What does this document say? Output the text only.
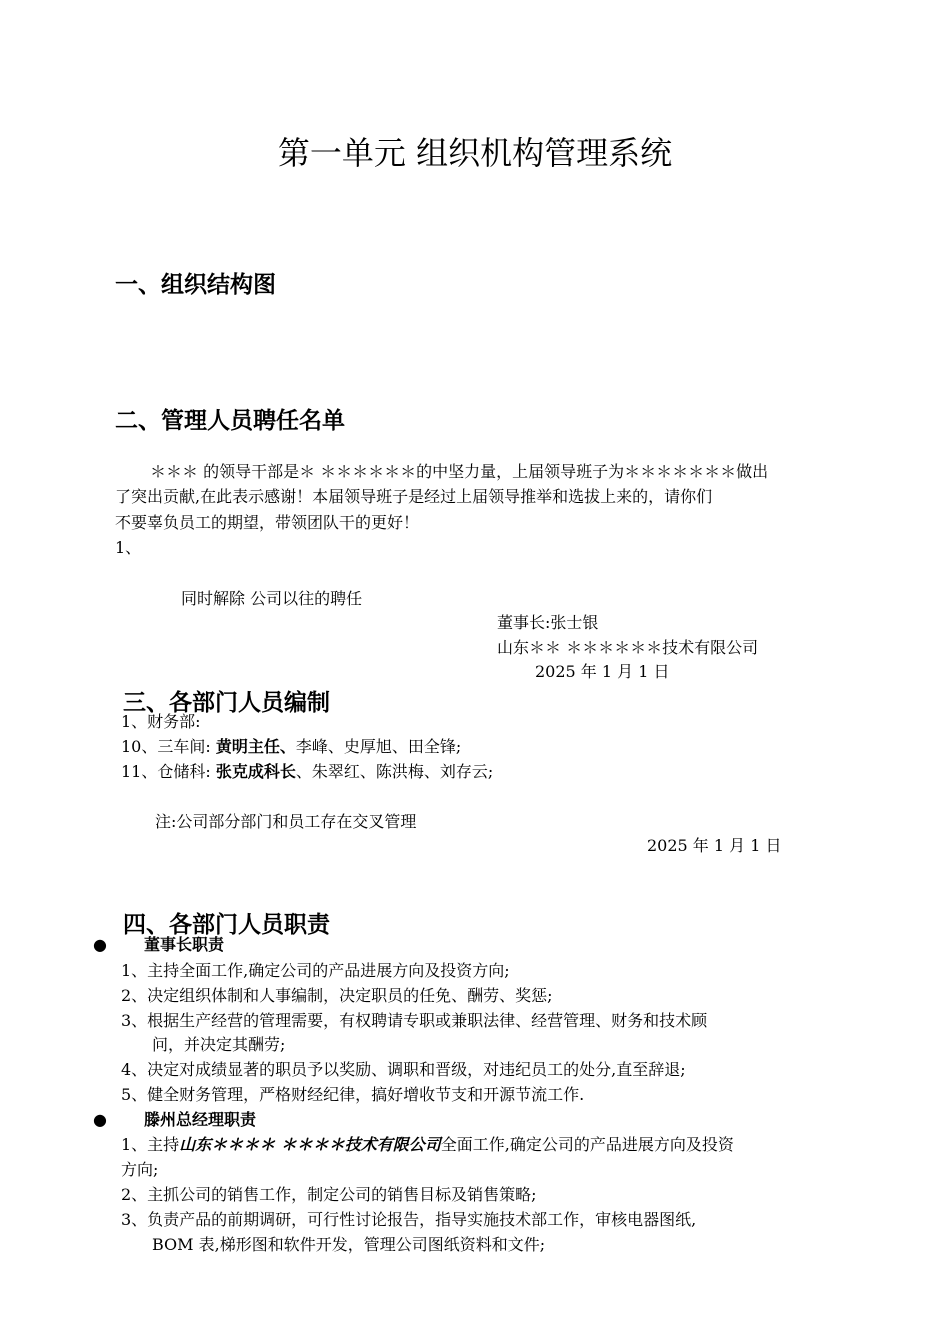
第一单元 组织机构管理系统
一、组织结构图
二、管理人员聘任名单
＊＊＊ 的领导干部是＊ ＊＊＊＊＊＊的中坚力量，上届领导班子为＊＊＊＊＊＊＊做出
了突出贡献,在此表示感谢！本届领导班子是经过上届领导推举和选拔上来的，请你们
不要辜负员工的期望，带领团队干的更好！
1、
同时解除 公司以往的聘任
董事长:张士银
山东＊＊ ＊＊＊＊＊＊技术有限公司
2025 年 1 月 1 日
三、各部门人员编制
1、财务部:
10、三车间: 黄明主任、李峰、史厚旭、田全锋;
11、仓储科: 张克成科长、朱翠红、陈洪梅、刘存云;
注:公司部分部门和员工存在交叉管理
2025 年 1 月 1 日
四、各部门人员职责
● 董事长职责
1、主持全面工作,确定公司的产品进展方向及投资方向;
2、决定组织体制和人事编制，决定职员的任免、酬劳、奖惩;
3、根据生产经营的管理需要，有权聘请专职或兼职法律、经营管理、财务和技术顾
问，并决定其酬劳;
4、决定对成绩显著的职员予以奖励、调职和晋级，对违纪员工的处分,直至辞退;
5、健全财务管理，严格财经纪律，搞好增收节支和开源节流工作.
● 滕州总经理职责
1、主持山东＊＊＊＊ ＊＊＊＊技术有限公司全面工作,确定公司的产品进展方向及投资
方向;
2、主抓公司的销售工作，制定公司的销售目标及销售策略;
3、负责产品的前期调研，可行性讨论报告，指导实施技术部工作，审核电器图纸,
BOM 表,梯形图和软件开发，管理公司图纸资料和文件;
